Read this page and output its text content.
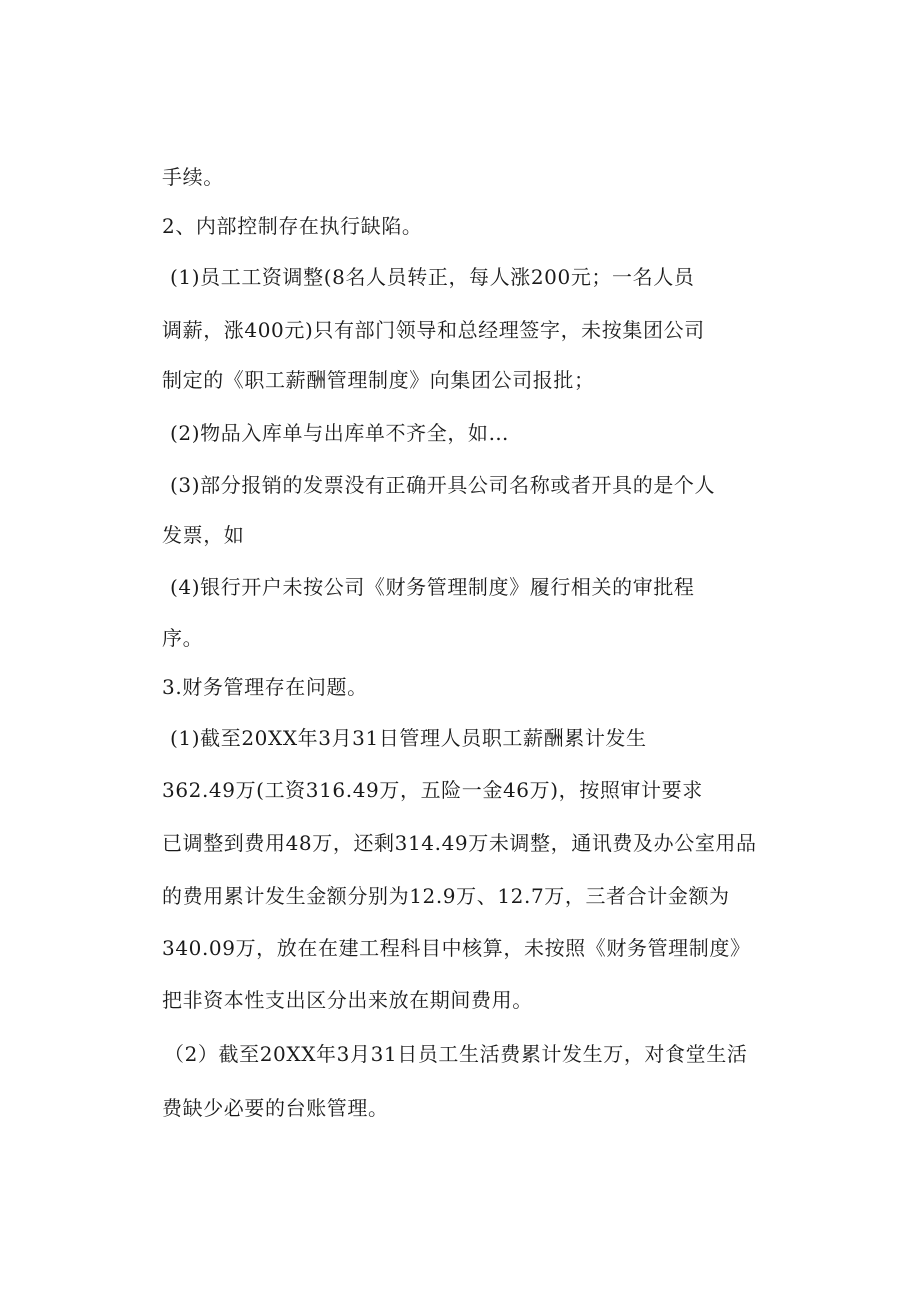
手续。
2、内部控制存在执行缺陷。
(1)员工工资调整(8名人员转正，每人涨200元；一名人员
调薪，涨400元)只有部门领导和总经理签字，未按集团公司
制定的《职工薪酬管理制度》向集团公司报批；
(2)物品入库单与出库单不齐全，如…
(3)部分报销的发票没有正确开具公司名称或者开具的是个人
发票，如
(4)银行开户未按公司《财务管理制度》履行相关的审批程
序。
3.财务管理存在问题。
(1)截至20XX年3月31日管理人员职工薪酬累计发生
362.49万(工资316.49万，五险一金46万)，按照审计要求
已调整到费用48万，还剩314.49万未调整，通讯费及办公室用品
的费用累计发生金额分别为12.9万、12.7万，三者合计金额为
340.09万，放在在建工程科目中核算，未按照《财务管理制度》
把非资本性支出区分出来放在期间费用。
（2）截至20XX年3月31日员工生活费累计发生万，对食堂生活
费缺少必要的台账管理。
